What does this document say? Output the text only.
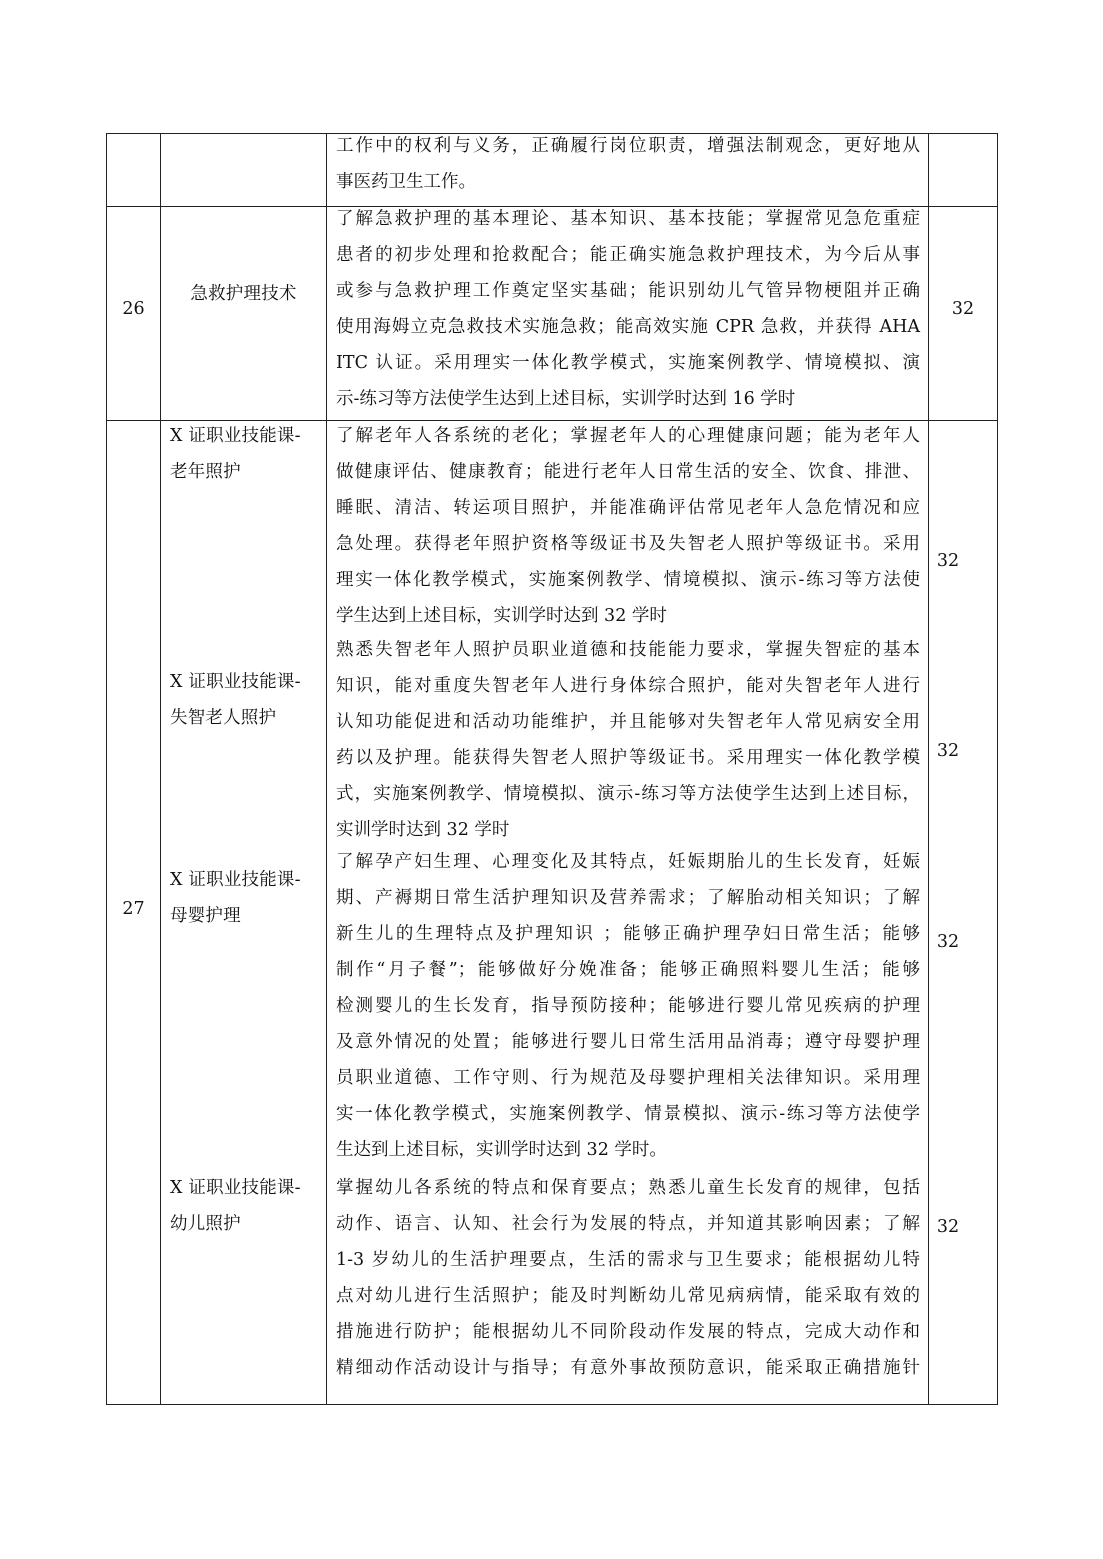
工作中的权利与义务，正确履行岗位职责，增强法制观念，更好地从
事医药卫生工作。
26
急救护理技术
了解急救护理的基本理论、基本知识、基本技能；掌握常见急危重症
患者的初步处理和抢救配合；能正确实施急救护理技术，为今后从事
或参与急救护理工作奠定坚实基础；能识别幼儿气管异物梗阻并正确
使用海姆立克急救技术实施急救；能高效实施 CPR 急救，并获得 AHA
ITC 认证。采用理实一体化教学模式，实施案例教学、情境模拟、演
示-练习等方法使学生达到上述目标，实训学时达到 16 学时
32
27
X 证职业技能课-
老年照护
了解老年人各系统的老化；掌握老年人的心理健康问题；能为老年人
做健康评估、健康教育；能进行老年人日常生活的安全、饮食、排泄、
睡眠、清洁、转运项目照护，并能准确评估常见老年人急危情况和应
急处理。获得老年照护资格等级证书及失智老人照护等级证书。采用
理实一体化教学模式，实施案例教学、情境模拟、演示-练习等方法使
学生达到上述目标，实训学时达到 32 学时
32
X 证职业技能课-
失智老人照护
熟悉失智老年人照护员职业道德和技能能力要求，掌握失智症的基本
知识，能对重度失智老年人进行身体综合照护，能对失智老年人进行
认知功能促进和活动功能维护，并且能够对失智老年人常见病安全用
药以及护理。能获得失智老人照护等级证书。采用理实一体化教学模
式，实施案例教学、情境模拟、演示-练习等方法使学生达到上述目标，
实训学时达到 32 学时
32
X 证职业技能课-
母婴护理
了解孕产妇生理、心理变化及其特点，妊娠期胎儿的生长发育，妊娠
期、产褥期日常生活护理知识及营养需求；了解胎动相关知识；了解
新生儿的生理特点及护理知识 ；能够正确护理孕妇日常生活；能够
制作“月子餐”；能够做好分娩准备；能够正确照料婴儿生活；能够
检测婴儿的生长发育，指导预防接种；能够进行婴儿常见疾病的护理
及意外情况的处置；能够进行婴儿日常生活用品消毒；遵守母婴护理
员职业道德、工作守则、行为规范及母婴护理相关法律知识。采用理
实一体化教学模式，实施案例教学、情景模拟、演示-练习等方法使学
生达到上述目标，实训学时达到 32 学时。
32
X 证职业技能课-
幼儿照护
掌握幼儿各系统的特点和保育要点；熟悉儿童生长发育的规律，包括
动作、语言、认知、社会行为发展的特点，并知道其影响因素；了解
1-3 岁幼儿的生活护理要点，生活的需求与卫生要求；能根据幼儿特
点对幼儿进行生活照护；能及时判断幼儿常见病病情，能采取有效的
措施进行防护；能根据幼儿不同阶段动作发展的特点，完成大动作和
精细动作活动设计与指导；有意外事故预防意识，能采取正确措施针
32
